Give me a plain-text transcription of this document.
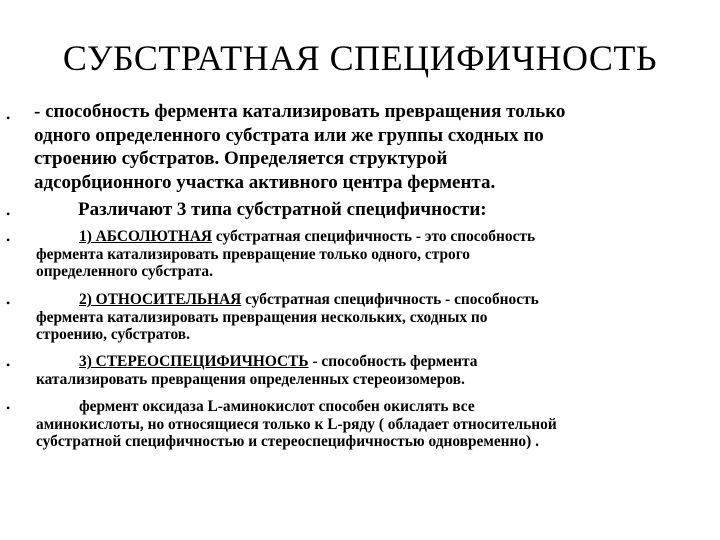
СУБСТРАТНАЯ СПЕЦИФИЧНОСТЬ
• - способность фермента катализировать превращения только
одного определенного субстрата или же группы сходных по
строению субстратов. Определяется структурой
адсорбционного участка активного центра фермента.
•	Различают 3 типа субстратной специфичности:
•	1) АБСОЛЮТНАЯ субстратная специфичность - это способность
фермента катализировать превращение только одного, строго
определенного субстрата.
•	2) ОТНОСИТЕЛЬНАЯ субстратная специфичность - способность
фермента катализировать превращения нескольких, сходных по
строению, субстратов.
•	3) СТЕРЕОСПЕЦИФИЧНОСТЬ - способность фермента
катализировать превращения определенных стереоизомеров.
•	фермент оксидаза L-аминокислот способен окислять все
аминокислоты, но относящиеся только к L-ряду ( обладает относительной
субстратной специфичностью и стереоспецифичностью одновременно) .
